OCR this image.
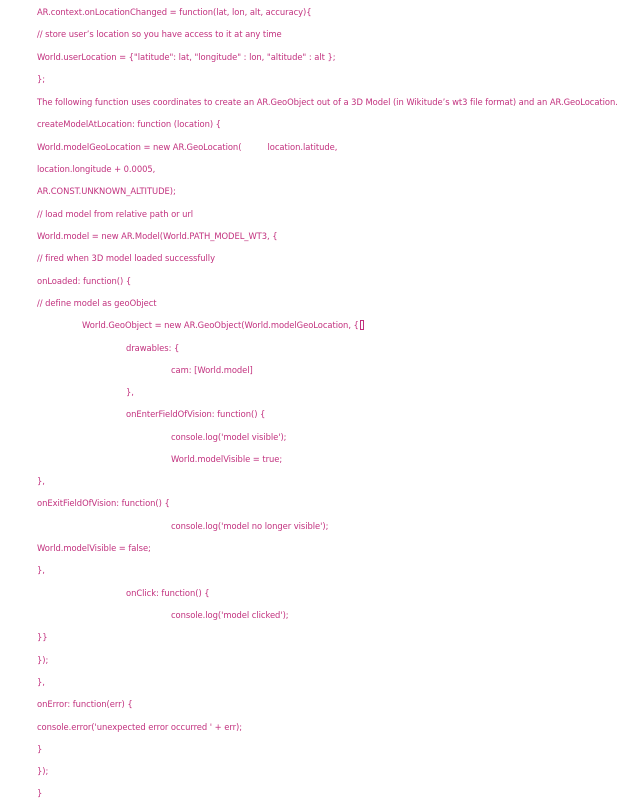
AR.context.onLocationChanged = function(lat, lon, alt, accuracy){
// store user’s location so you have access to it at any time
World.userLocation = {"latitude": lat, "longitude" : lon, "altitude" : alt };
};
The following function uses coordinates to create an AR.GeoObject out of a 3D Model (in Wikitude’s wt3 file format) and an AR.GeoLocation.
createModelAtLocation: function (location) {
World.modelGeoLocation = new AR.GeoLocation(          location.latitude,
location.longitude + 0.0005,
AR.CONST.UNKNOWN_ALTITUDE);
// load model from relative path or url
World.model = new AR.Model(World.PATH_MODEL_WT3, {
// fired when 3D model loaded successfully
onLoaded: function() {
// define model as geoObject
World.GeoObject = new AR.GeoObject(World.modelGeoLocation, {
drawables: {
cam: [World.model]
},
onEnterFieldOfVision: function() {
console.log('model visible');
World.modelVisible = true;
},
onExitFieldOfVision: function() {
console.log('model no longer visible');
World.modelVisible = false;
},
onClick: function() {
console.log('model clicked');
}}
});
},
onError: function(err) {
console.error('unexpected error occurred ' + err);
}
});
}
